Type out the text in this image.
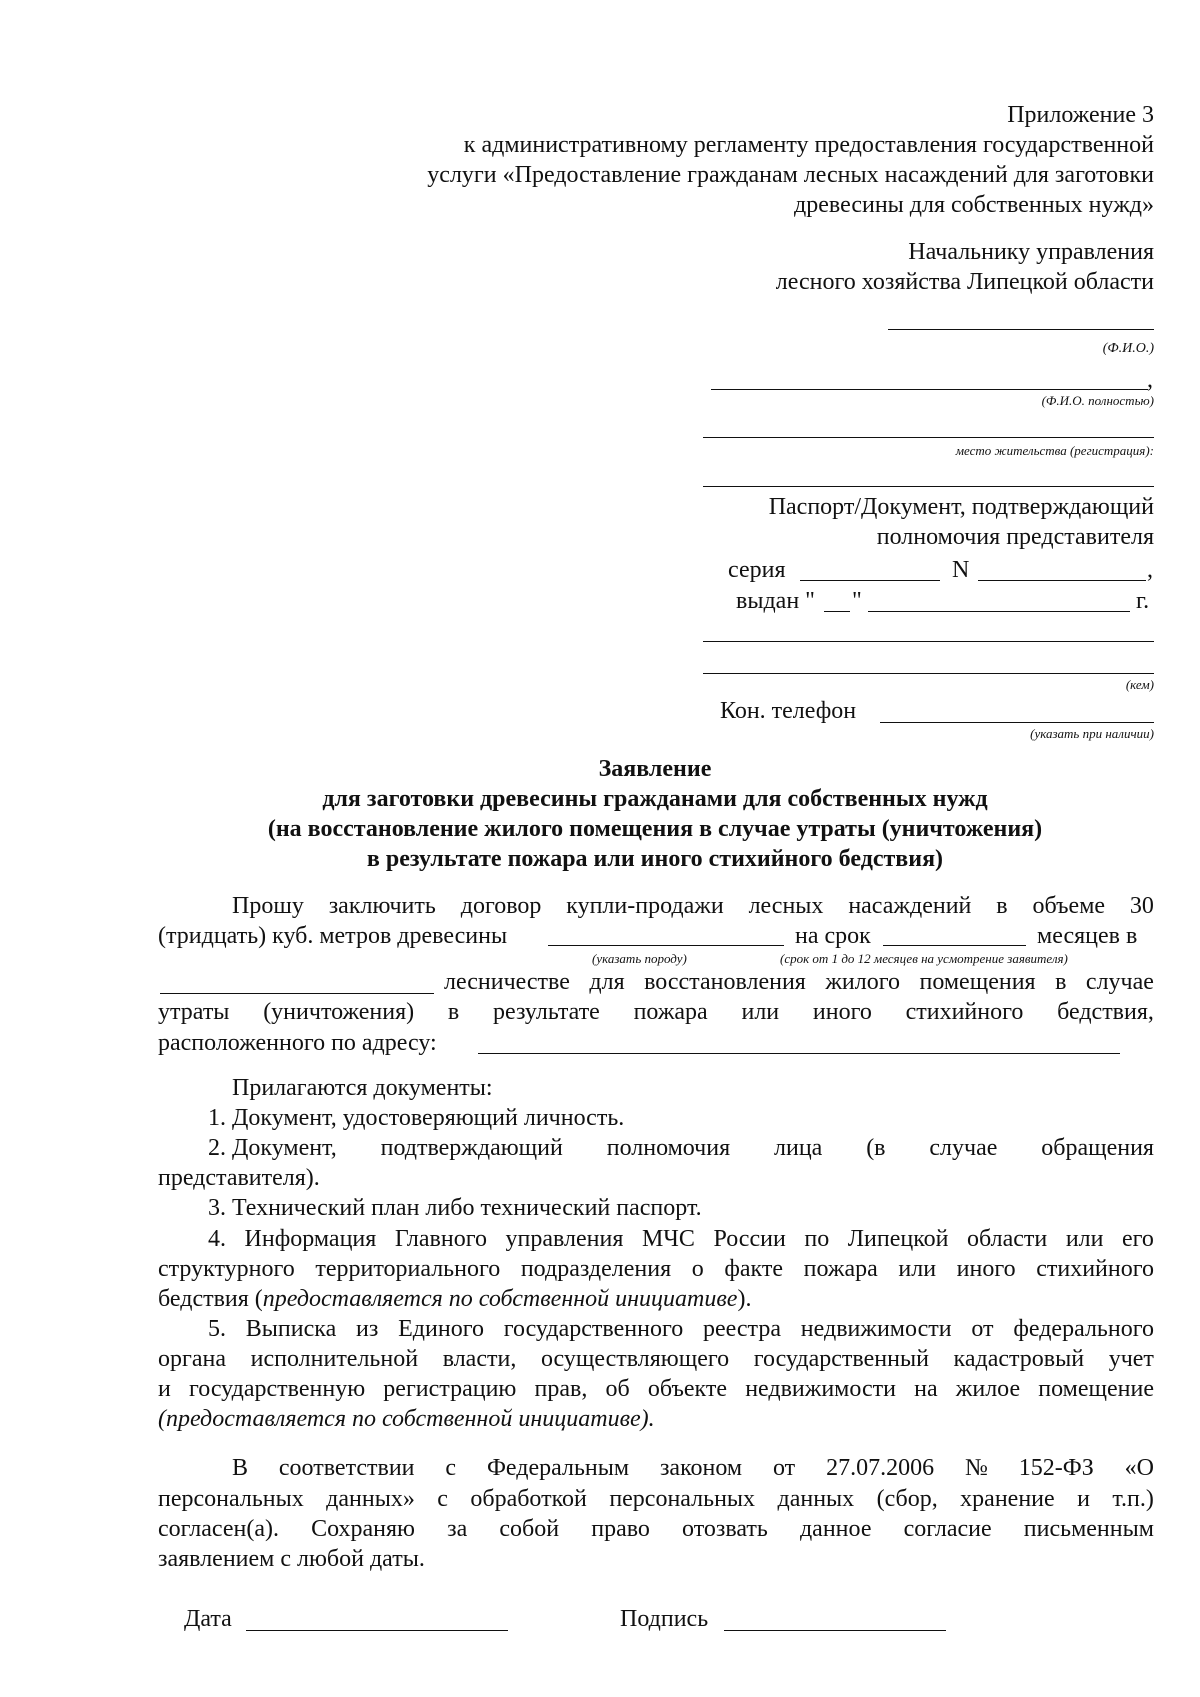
Приложение 3
к административному регламенту предоставления государственной
услуги «Предоставление гражданам лесных насаждений для заготовки
древесины для собственных нужд»
Начальнику управления
лесного хозяйства Липецкой области
(Ф.И.О.)
,
(Ф.И.О. полностью)
место жительства (регистрация):
Паспорт/Документ, подтверждающий
полномочия представителя
серия	N	,
выдан " "	г.
(кем)
Кон. телефон
(указать при наличии)
Заявление
для заготовки древесины гражданами для собственных нужд
(на восстановление жилого помещения в случае утраты (уничтожения)
в результате пожара или иного стихийного бедствия)
Прошу заключить договор купли-продажи лесных насаждений в объеме 30
(тридцать) куб. метров древесины	на срок	месяцев в
(указать породу)	(срок от 1 до 12 месяцев на усмотрение заявителя)
лесничестве для восстановления жилого помещения в случае
утраты (уничтожения) в результате пожара или иного стихийного бедствия,
расположенного по адресу:
Прилагаются документы:
1. Документ, удостоверяющий личность.
2. Документ, подтверждающий полномочия лица (в случае обращения
представителя).
3. Технический план либо технический паспорт.
4. Информация Главного управления МЧС России по Липецкой области или его
структурного территориального подразделения о факте пожара или иного стихийного
бедствия (предоставляется по собственной инициативе).
5. Выписка из Единого государственного реестра недвижимости от федерального
органа исполнительной власти, осуществляющего государственный кадастровый учет
и государственную регистрацию прав, об объекте недвижимости на жилое помещение
(предоставляется по собственной инициативе).
В соответствии с Федеральным законом от 27.07.2006 № 152-ФЗ «О
персональных данных» с обработкой персональных данных (сбор, хранение и т.п.)
согласен(а). Сохраняю за собой право отозвать данное согласие письменным
заявлением с любой даты.
Дата	Подпись
